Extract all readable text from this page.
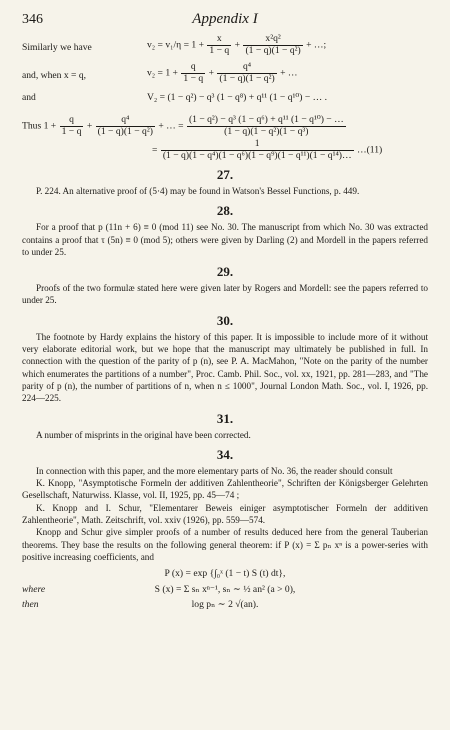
346	Appendix I
Similarly we have	$v_2 = v_1/\eta = 1 + \frac{x}{1 - q} + \frac{\text{x²q²}}{\text{(1 − q)(1 − q²)}}$ + …;
and, when x = q,	$v_2 = 1 + \frac{q}{1 - q} + \frac{\text{q⁴}}{\text{(1 − q)(1 − q²)}}$ + …
and	V₂ = (1 − q²) − q³ (1 − q⁸) + q¹¹ (1 − q¹⁰) − … .
Thus $1 + \frac{q}{1 - q} + \frac{\text{q⁴}}{\text{(1 − q)(1 − q²)}}$ + … = $\frac{\text{(1 − q²) − q³ (1 − q⁶) + q¹¹ (1 − q¹⁰) − …}}{\text{(1 − q)(1 − q²)(1 − q³)}}$
= $\frac{1}{\text{(1 − q)(1 − q⁴)(1 − q⁶)(1 − q⁹)(1 − q¹¹)(1 − q¹⁴)…}}$ …(11)
27.

P. 224. An alternative proof of (5·4) may be found in Watson's Bessel Functions, p. 449.

28.

For a proof that p (11n + 6) ≡ 0 (mod 11) see No. 30. The manuscript from which No. 30 was extracted contains a proof that τ (5n) ≡ 0 (mod 5); others were given by Darling (2) and Mordell in the papers referred to under 25.

29.

Proofs of the two formulæ stated here were given later by Rogers and Mordell: see the papers referred to under 25.

30.

The footnote by Hardy explains the history of this paper. It is impossible to include more of it without very elaborate editorial work, but we hope that the manuscript may ultimately be published in full. In connection with the question of the parity of p (n), see P. A. MacMahon, "Note on the parity of the number which enumerates the partitions of a number", Proc. Camb. Phil. Soc., vol. xx, 1921, pp. 281—283, and "The parity of p (n), the number of partitions of n, when n ≤ 1000", Journal London Math. Soc., vol. I, 1926, pp. 224—225.

31.

A number of misprints in the original have been corrected.

34.

In connection with this paper, and the more elementary parts of No. 36, the reader should consult

K. Knopp, "Asymptotische Formeln der additiven Zahlentheorie", Schriften der Königsberger Gelehrten Gesellschaft, Naturwiss. Klasse, vol. II, 1925, pp. 45—74 ;

K. Knopp and I. Schur, "Elementarer Beweis einiger asymptotischer Formeln der additiven Zahlentheorie", Math. Zeitschrift, vol. xxiv (1926), pp. 559—574.

Knopp and Schur give simpler proofs of a number of results deduced here from the general Tauberian theorems. They base the results on the following general theorem: if P (x) = Σ pₙ xⁿ is a power-series with positive increasing coefficients, and

P (x) = exp {∫₀ˣ (1 − t) S (t) dt},
where	S (x) = Σ sₙ xⁿ⁻¹, sₙ ∼ ½ an² (a > 0),
then	log pₙ ∼ 2 √(an).
